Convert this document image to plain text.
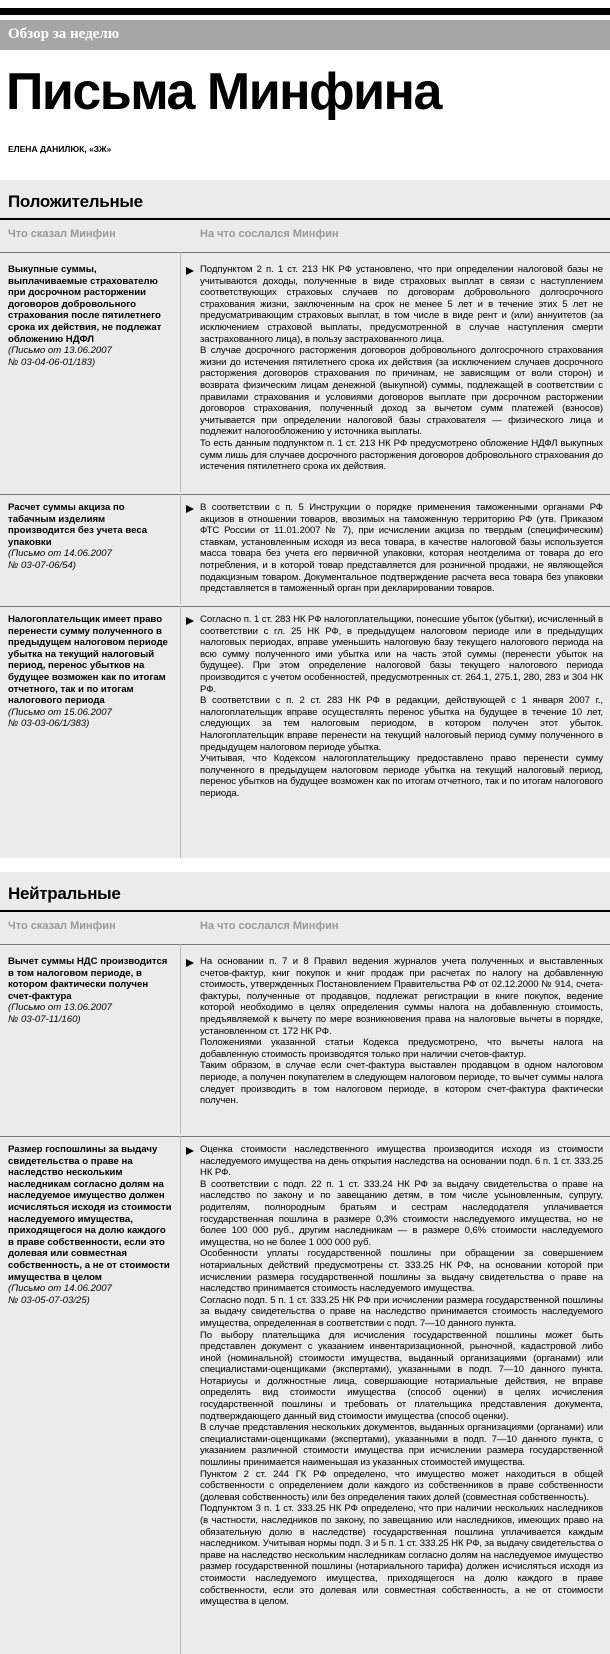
Обзор за неделю
Письма Минфина
ЕЛЕНА ДАНИЛЮК, «ЗЖ»
Положительные
Что сказал Минфин	На что сослался Минфин
Выкупные суммы, выплачиваемые страхователю при досрочном расторжении договоров добровольного страхования после пятилетнего срока их действия, не подлежат обложению НДФЛ
(Письмо от 13.06.2007
№ 03-04-06-01/183)

Подпунктом 2 п. 1 ст. 213 НК РФ установлено, что при определении налоговой базы не учитываются доходы, полученные в виде страховых выплат в связи с наступлением соответствующих страховых случаев по договорам добровольного долгосрочного страхования жизни, заключенным на срок не менее 5 лет и в течение этих 5 лет не предусматривающим страховых выплат, в том числе в виде рент и (или) аннуитетов (за исключением страховой выплаты, предусмотренной в случае наступления смерти застрахованного лица), в пользу застрахованного лица.

В случае досрочного расторжения договоров добровольного долгосрочного страхования жизни до истечения пятилетнего срока их действия (за исключением случаев досрочного расторжения договоров страхования по причинам, не зависящим от воли сторон) и возврата физическим лицам денежной (выкупной) суммы, подлежащей в соответствии с правилами страхования и условиями договоров выплате при досрочном расторжении договоров страхования, полученный доход за вычетом сумм платежей (взносов) учитывается при определении налоговой базы страхователя — физического лица и подлежит налогообложению у источника выплаты.

То есть данным подпунктом п. 1 ст. 213 НК РФ предусмотрено обложение НДФЛ выкупных сумм лишь для случаев досрочного расторжения договоров добровольного страхования до истечения пятилетнего срока их действия.

Расчет суммы акциза по табачным изделиям производится без учета веса упаковки
(Письмо от 14.06.2007
№ 03-07-06/54)

В соответствии с п. 5 Инструкции о порядке применения таможенными органами РФ акцизов в отношении товаров, ввозимых на таможенную территорию РФ (утв. Приказом ФТС России от 11.01.2007 № 7), при исчислении акциза по твердым (специфическим) ставкам, установленным исходя из веса товара, в качестве налоговой базы используется масса товара без учета его первичной упаковки, которая неотделима от товара до его потребления, и в которой товар представляется для розничной продажи, не являющейся подакцизным товаром. Документальное подтверждение расчета веса товара без упаковки представляется в таможенный орган при декларировании товаров.

Налогоплательщик имеет право перенести сумму полученного в предыдущем налоговом периоде убытка на текущий налоговый период, перенос убытков на будущее возможен как по итогам отчетного, так и по итогам налогового периода
(Письмо от 15.06.2007
№ 03-03-06/1/383)

Согласно п. 1 ст. 283 НК РФ налогоплательщики, понесшие убыток (убытки), исчисленный в соответствии с гл. 25 НК РФ, в предыдущем налоговом периоде или в предыдущих налоговых периодах, вправе уменьшить налоговую базу текущего налогового периода на всю сумму полученного ими убытка или на часть этой суммы (перенести убыток на будущее). При этом определение налоговой базы текущего налогового периода производится с учетом особенностей, предусмотренных ст. 264.1, 275.1, 280, 283 и 304 НК РФ.

В соответствии с п. 2 ст. 283 НК РФ в редакции, действующей с 1 января 2007 г., налогоплательщик вправе осуществлять перенос убытка на будущее в течение 10 лет, следующих за тем налоговым периодом, в котором получен этот убыток. Налогоплательщик вправе перенести на текущий налоговый период сумму полученного в предыдущем налоговом периоде убытка.

Учитывая, что Кодексом налогоплательщику предоставлено право перенести сумму полученного в предыдущем налоговом периоде убытка на текущий налоговый период, перенос убытков на будущее возможен как по итогам отчетного, так и по итогам налогового периода.

Нейтральные
Что сказал Минфин	На что сослался Минфин
Вычет суммы НДС производится в том налоговом периоде, в котором фактически получен счет-фактура
(Письмо от 13.06.2007
№ 03-07-11/160)

На основании п. 7 и 8 Правил ведения журналов учета полученных и выставленных счетов-фактур, книг покупок и книг продаж при расчетах по налогу на добавленную стоимость, утвержденных Постановлением Правительства РФ от 02.12.2000 № 914, счета-фактуры, полученные от продавцов, подлежат регистрации в книге покупок, ведение которой необходимо в целях определения суммы налога на добавленную стоимость, предъявляемой к вычету по мере возникновения права на налоговые вычеты в порядке, установленном ст. 172 НК РФ.

Положениями указанной статьи Кодекса предусмотрено, что вычеты налога на добавленную стоимость производятся только при наличии счетов-фактур.

Таким образом, в случае если счет-фактура выставлен продавцом в одном налоговом периоде, а получен покупателем в следующем налоговом периоде, то вычет суммы налога следует производить в том налоговом периоде, в котором счет-фактура фактически получен.

Размер госпошлины за выдачу свидетельства о праве на наследство нескольким наследникам согласно долям на наследуемое имущество должен исчисляться исходя из стоимости наследуемого имущества, приходящегося на долю каждого в праве собственности, если это долевая или совместная собственность, а не от стоимости имущества в целом
(Письмо от 14.06.2007
№ 03-05-07-03/25)

Оценка стоимости наследственного имущества производится исходя из стоимости наследуемого имущества на день открытия наследства на основании подп. 6 п. 1 ст. 333.25 НК РФ.

В соответствии с подп. 22 п. 1 ст. 333.24 НК РФ за выдачу свидетельства о праве на наследство по закону и по завещанию детям, в том числе усыновленным, супругу, родителям, полнородным братьям и сестрам наследодателя уплачивается государственная пошлина в размере 0,3% стоимости наследуемого имущества, но не более 100 000 руб., другим наследникам — в размере 0,6% стоимости наследуемого имущества, но не более 1 000 000 руб.

Особенности уплаты государственной пошлины при обращении за совершением нотариальных действий предусмотрены ст. 333.25 НК РФ, на основании которой при исчислении размера государственной пошлины за выдачу свидетельства о праве на наследство принимается стоимость наследуемого имущества.

Согласно подп. 5 п. 1 ст. 333.25 НК РФ при исчислении размера государственной пошлины за выдачу свидетельства о праве на наследство принимается стоимость наследуемого имущества, определенная в соответствии с подп. 7—10 данного пункта.

По выбору плательщика для исчисления государственной пошлины может быть представлен документ с указанием инвентаризационной, рыночной, кадастровой либо иной (номинальной) стоимости имущества, выданный организациями (органами) или специалистами-оценщиками (экспертами), указанными в подп. 7—10 данного пункта. Нотариусы и должностные лица, совершающие нотариальные действия, не вправе определять вид стоимости имущества (способ оценки) в целях исчисления государственной пошлины и требовать от плательщика представления документа, подтверждающего данный вид стоимости имущества (способ оценки).

В случае представления нескольких документов, выданных организациями (органами) или специалистами-оценщиками (экспертами), указанными в подп. 7—10 данного пункта, с указанием различной стоимости имущества при исчислении размера государственной пошлины принимается наименьшая из указанных стоимостей имущества.

Пунктом 2 ст. 244 ГК РФ определено, что имущество может находиться в общей собственности с определением доли каждого из собственников в праве собственности (долевая собственность) или без определения таких долей (совместная собственность).

Подпунктом 3 п. 1 ст. 333.25 НК РФ определено, что при наличии нескольких наследников (в частности, наследников по закону, по завещанию или наследников, имеющих право на обязательную долю в наследстве) государственная пошлина уплачивается каждым наследником. Учитывая нормы подп. 3 и 5 п. 1 ст. 333.25 НК РФ, за выдачу свидетельства о праве на наследство нескольким наследникам согласно долям на наследуемое имущество размер государственной пошлины (нотариального тарифа) должен исчисляться исходя из стоимости наследуемого имущества, приходящегося на долю каждого в праве собственности, если это долевая или совместная собственность, а не от стоимости имущества в целом.
